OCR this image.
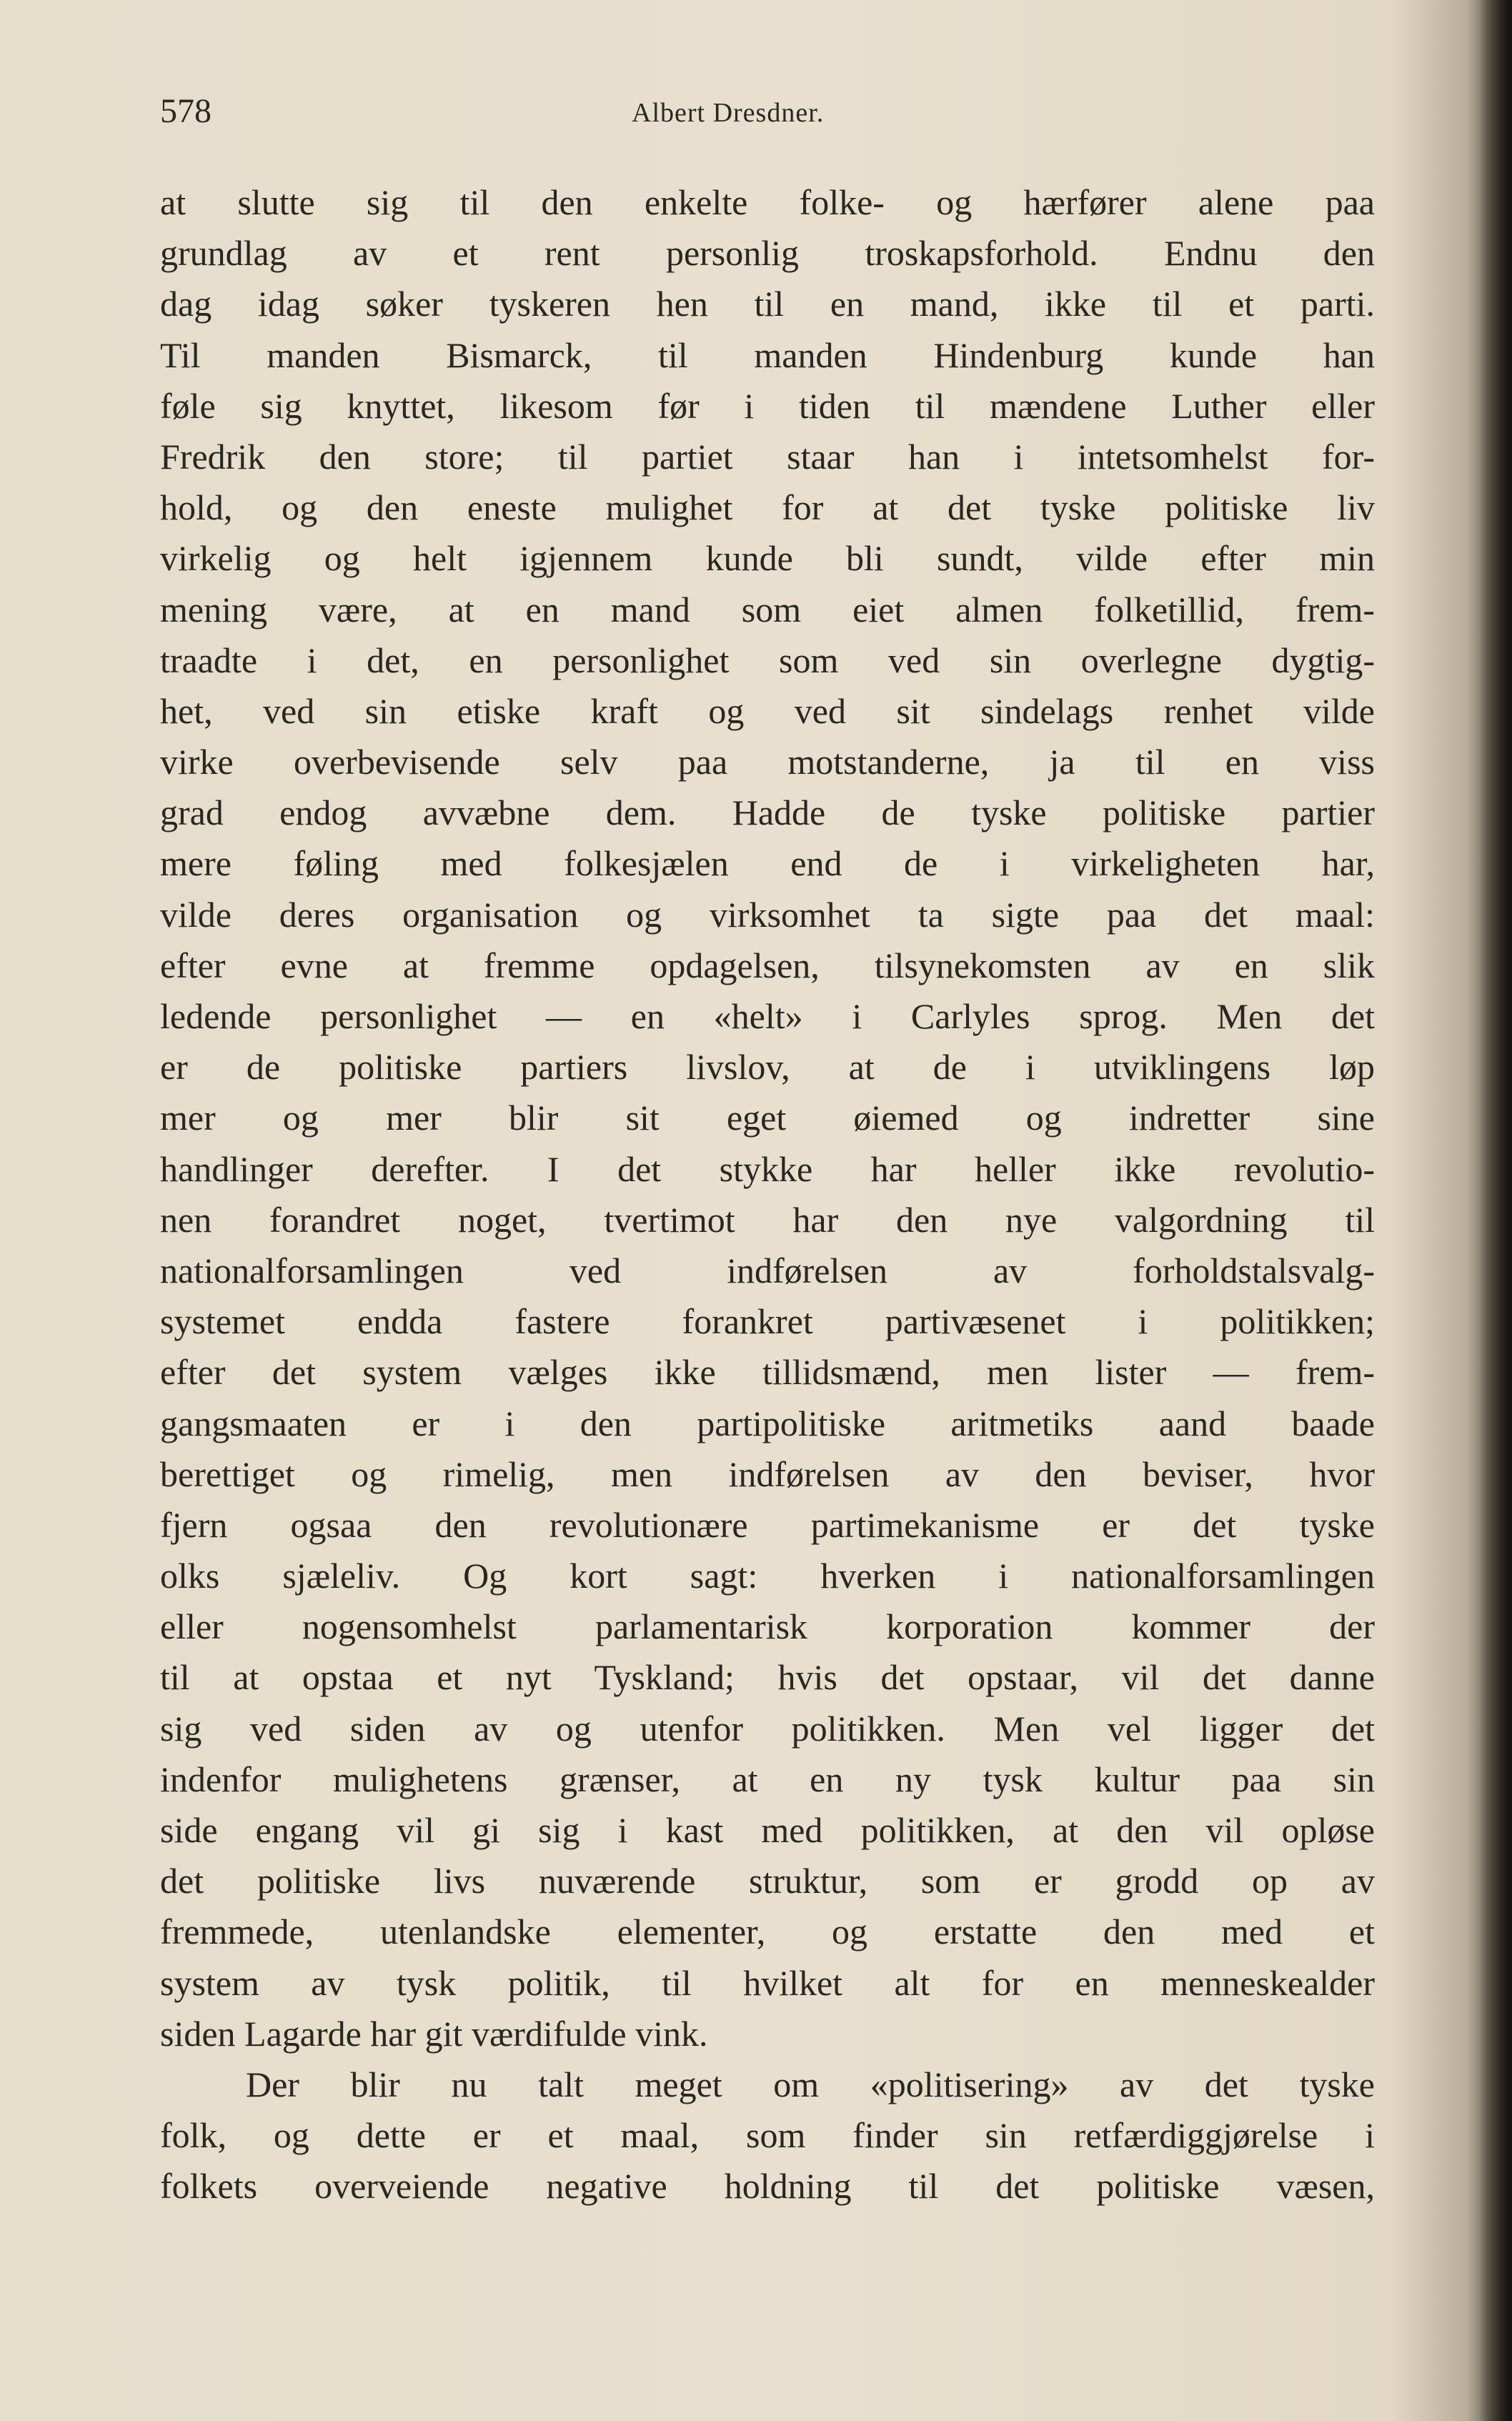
578	Albert Dresdner.
at slutte sig til den enkelte folke- og hærfører alene paa
grundlag av et rent personlig troskapsforhold. Endnu den
dag idag søker tyskeren hen til en mand, ikke til et parti.
Til manden Bismarck, til manden Hindenburg kunde han
føle sig knyttet, likesom før i tiden til mændene Luther eller
Fredrik den store; til partiet staar han i intetsomhelst for-
hold, og den eneste mulighet for at det tyske politiske liv
virkelig og helt igjennem kunde bli sundt, vilde efter min
mening være, at en mand som eiet almen folketillid, frem-
traadte i det, en personlighet som ved sin overlegne dygtig-
het, ved sin etiske kraft og ved sit sindelags renhet vilde
virke overbevisende selv paa motstanderne, ja til en viss
grad endog avvæbne dem. Hadde de tyske politiske partier
mere føling med folkesjælen end de i virkeligheten har,
vilde deres organisation og virksomhet ta sigte paa det maal:
efter evne at fremme opdagelsen, tilsynekomsten av en slik
ledende personlighet — en «helt» i Carlyles sprog. Men det
er de politiske partiers livslov, at de i utviklingens løp
mer og mer blir sit eget øiemed og indretter sine
handlinger derefter. I det stykke har heller ikke revolutio-
nen forandret noget, tvertimot har den nye valgordning til
nationalforsamlingen ved indførelsen av forholdstalsvalg-
systemet endda fastere forankret partivæsenet i politikken;
efter det system vælges ikke tillidsmænd, men lister — frem-
gangsmaaten er i den partipolitiske aritmetiks aand baade
berettiget og rimelig, men indførelsen av den beviser, hvor
fjern ogsaa den revolutionære partimekanisme er det tyske
olks sjæleliv. Og kort sagt: hverken i nationalforsamlingen
eller nogensomhelst parlamentarisk korporation kommer der
til at opstaa et nyt Tyskland; hvis det opstaar, vil det danne
sig ved siden av og utenfor politikken. Men vel ligger det
indenfor mulighetens grænser, at en ny tysk kultur paa sin
side engang vil gi sig i kast med politikken, at den vil opløse
det politiske livs nuværende struktur, som er grodd op av
fremmede, utenlandske elementer, og erstatte den med et
system av tysk politik, til hvilket alt for en menneskealder
siden Lagarde har git værdifulde vink.
Der blir nu talt meget om «politisering» av det tyske
folk, og dette er et maal, som finder sin retfærdiggjørelse i
folkets overveiende negative holdning til det politiske væsen,
